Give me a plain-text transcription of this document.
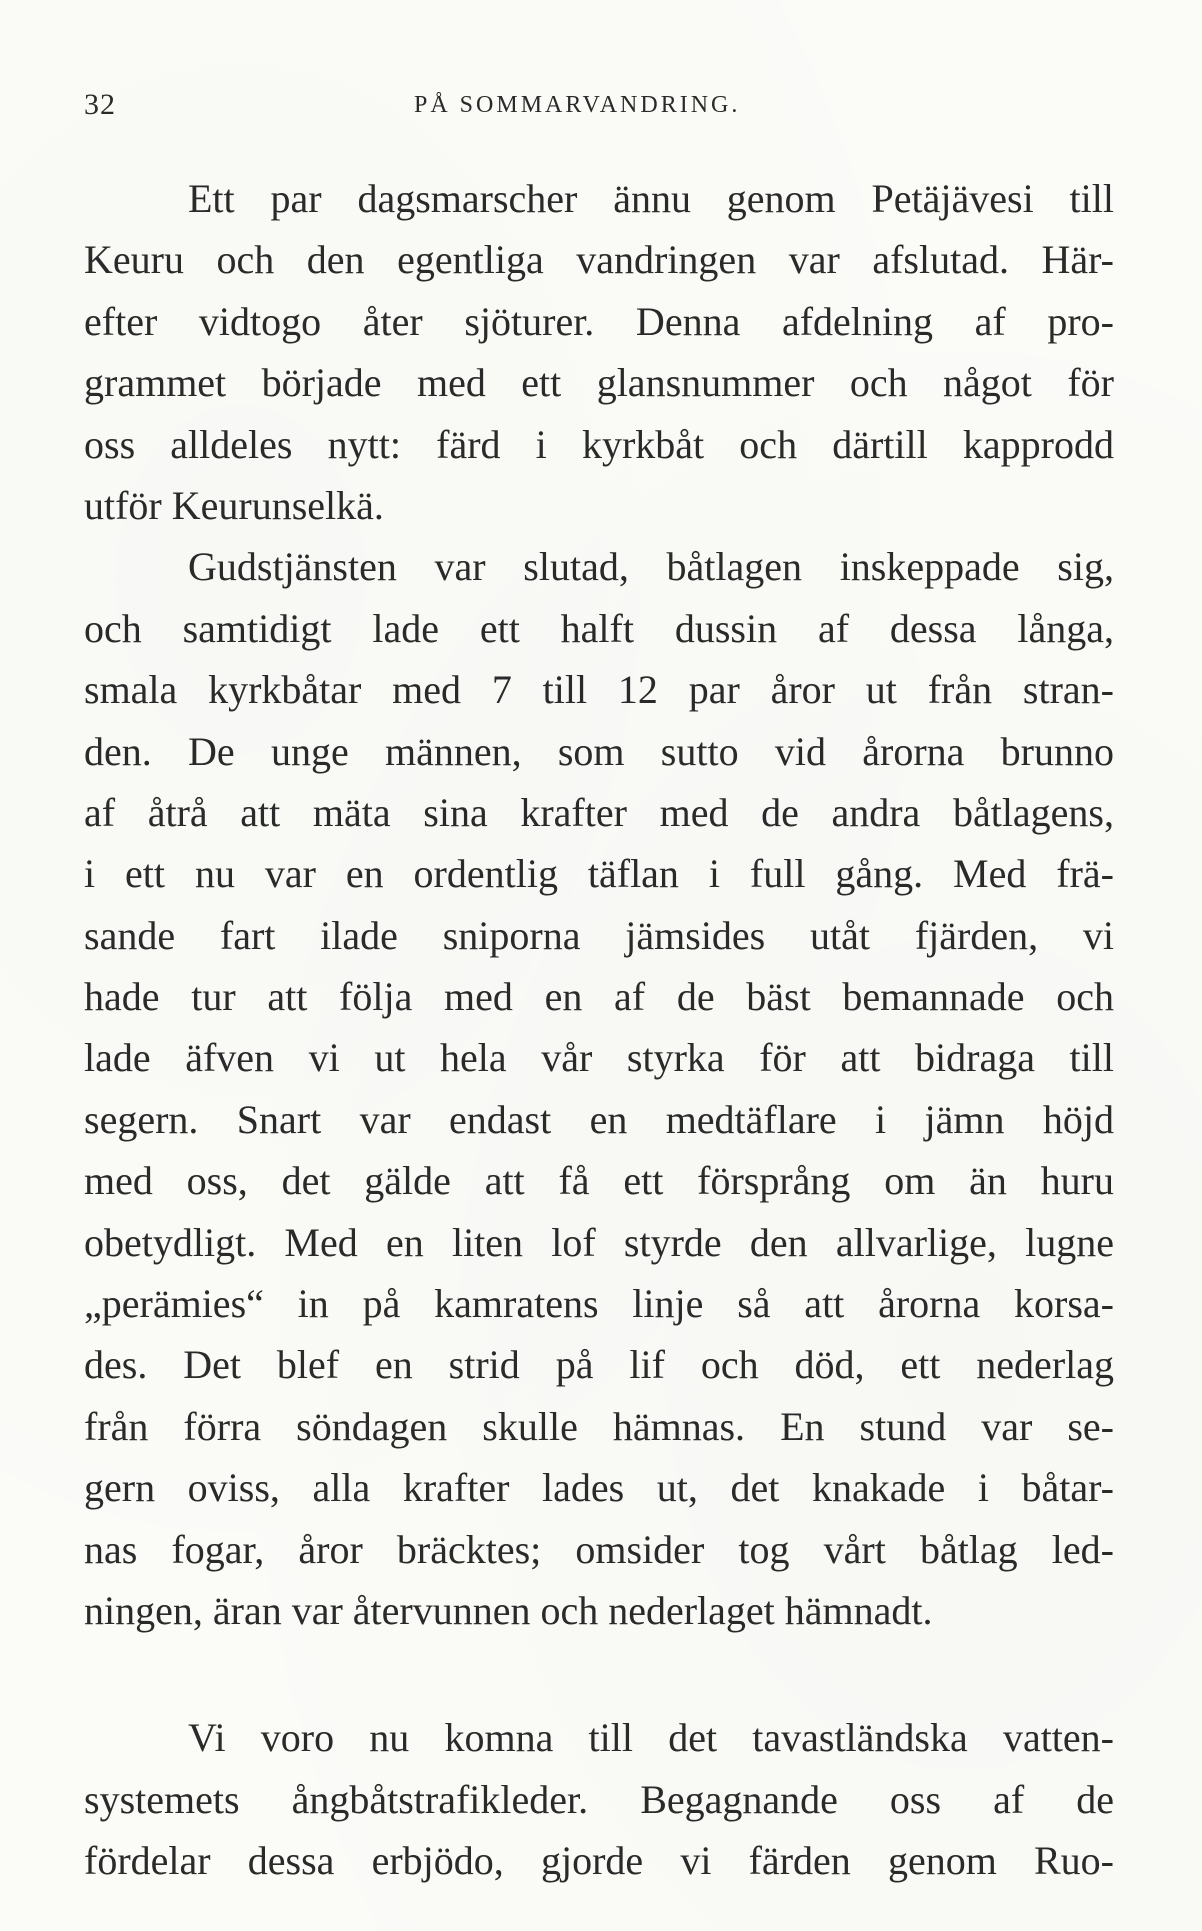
32	PÅ SOMMARVANDRING.
Ett par dagsmarscher ännu genom Petäjävesi till
Keuru och den egentliga vandringen var afslutad. Här-
efter vidtogo åter sjöturer. Denna afdelning af pro-
grammet började med ett glansnummer och något för
oss alldeles nytt: färd i kyrkbåt och därtill kapprodd
utför Keurunselkä.
Gudstjänsten var slutad, båtlagen inskeppade sig,
och samtidigt lade ett halft dussin af dessa långa,
smala kyrkbåtar med 7 till 12 par åror ut från stran-
den. De unge männen, som sutto vid årorna brunno
af åtrå att mäta sina krafter med de andra båtlagens,
i ett nu var en ordentlig täflan i full gång. Med frä-
sande fart ilade sniporna jämsides utåt fjärden, vi
hade tur att följa med en af de bäst bemannade och
lade äfven vi ut hela vår styrka för att bidraga till
segern. Snart var endast en medtäflare i jämn höjd
med oss, det gälde att få ett försprång om än huru
obetydligt. Med en liten lof styrde den allvarlige, lugne
„perämies“ in på kamratens linje så att årorna korsa-
des. Det blef en strid på lif och död, ett nederlag
från förra söndagen skulle hämnas. En stund var se-
gern oviss, alla krafter lades ut, det knakade i båtar-
nas fogar, åror bräcktes; omsider tog vårt båtlag led-
ningen, äran var återvunnen och nederlaget hämnadt.
Vi voro nu komna till det tavastländska vatten-
systemets ångbåtstrafikleder. Begagnande oss af de
fördelar dessa erbjödo, gjorde vi färden genom Ruo-
